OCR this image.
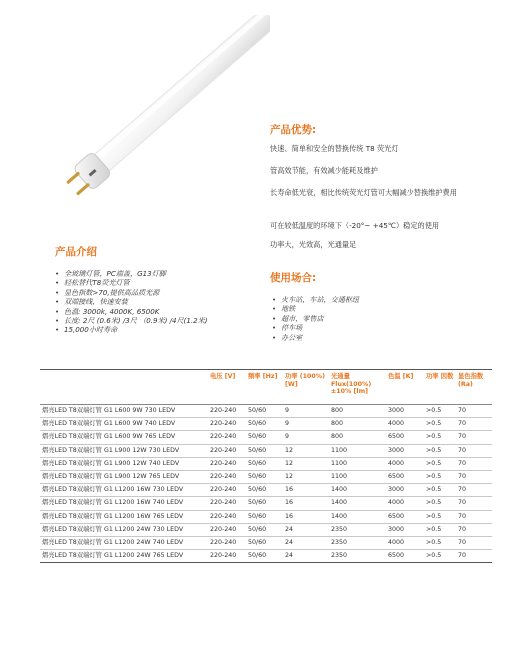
产品优势:

快速、简单和安全的替换传统 T8 荧光灯

管高效节能，有效减少能耗及维护

长寿命低光衰，相比传统荧光灯管可大幅减少替换维护费用

可在较低温度的环境下（-20°~ +45℃）稳定的使用

功率大，光效高，光通量足

产品介绍
• 全玻璃灯管，PC端盖，G13灯脚
• 轻松替代T8荧光灯管
• 显色指数>70,提供高品质光源
• 双端接线，快速安装
• 色温: 3000k, 4000K, 6500K
• 长度: 2尺 (0.6米) /3尺 （0.9米) /4尺(1.2米)
• 15,000小时寿命
使用场合:
• 火车站，车站，交通枢纽
• 地铁
• 超市，零售店
• 停车场
• 办公室
	电压 [V]	频率 [Hz]	功率 (100%) [W]	光通量 Flux(100%)±10% [lm]	色温 [K]	功率 因数	显色指数 (Ra)
熠亮LED T8双端灯管 G1 L600 9W 730 LEDV	220-240	50/60	9	800	3000	>0.5	70
熠亮LED T8双端灯管 G1 L600 9W 740 LEDV	220-240	50/60	9	800	4000	>0.5	70
熠亮LED T8双端灯管 G1 L600 9W 765 LEDV	220-240	50/60	9	800	6500	>0.5	70
熠亮LED T8双端灯管 G1 L900 12W 730 LEDV	220-240	50/60	12	1100	3000	>0.5	70
熠亮LED T8双端灯管 G1 L900 12W 740 LEDV	220-240	50/60	12	1100	4000	>0.5	70
熠亮LED T8双端灯管 G1 L900 12W 765 LEDV	220-240	50/60	12	1100	6500	>0.5	70
熠亮LED T8双端灯管 G1 L1200 16W 730 LEDV	220-240	50/60	16	1400	3000	>0.5	70
熠亮LED T8双端灯管 G1 L1200 16W 740 LEDV	220-240	50/60	16	1400	4000	>0.5	70
熠亮LED T8双端灯管 G1 L1200 16W 765 LEDV	220-240	50/60	16	1400	6500	>0.5	70
熠亮LED T8双端灯管 G1 L1200 24W 730 LEDV	220-240	50/60	24	2350	3000	>0.5	70
熠亮LED T8双端灯管 G1 L1200 24W 740 LEDV	220-240	50/60	24	2350	4000	>0.5	70
熠亮LED T8双端灯管 G1 L1200 24W 765 LEDV	220-240	50/60	24	2350	6500	>0.5	70
